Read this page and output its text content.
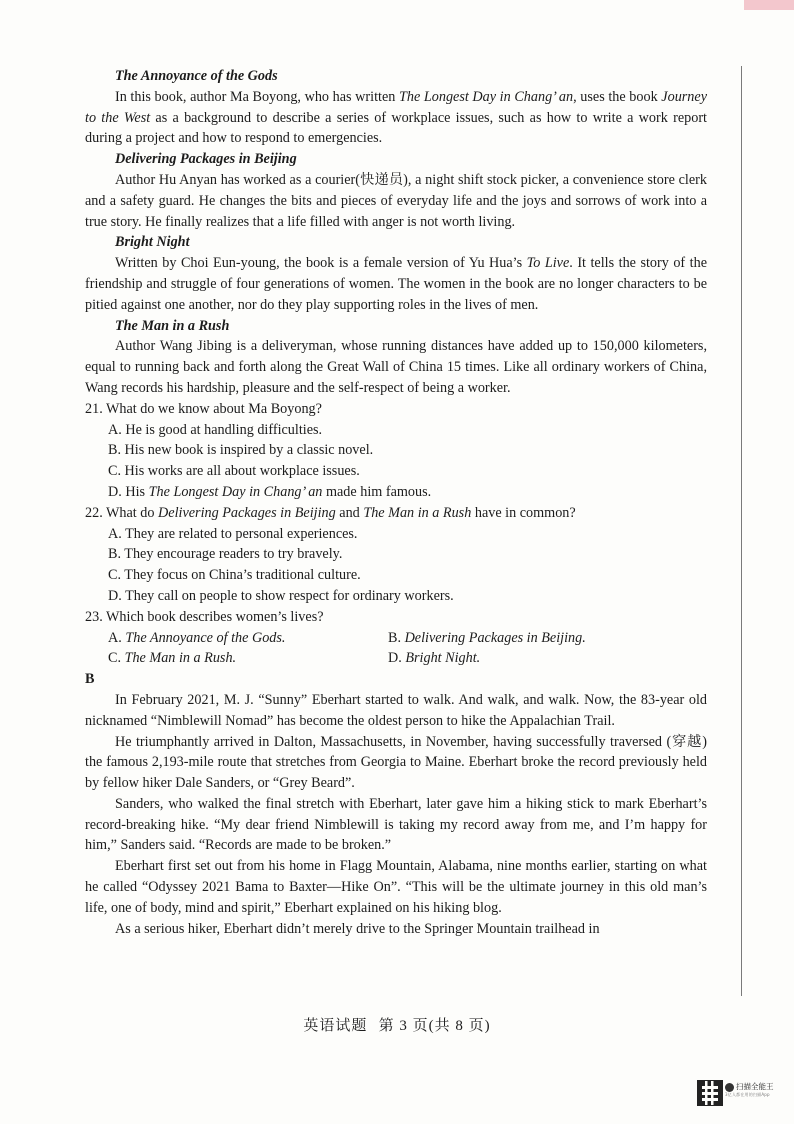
The Annoyance of the Gods

In this book, author Ma Boyong, who has written The Longest Day in Chang’ an, uses the book Journey to the West as a background to describe a series of workplace issues, such as how to write a work report during a project and how to respond to emergencies.

Delivering Packages in Beijing

Author Hu Anyan has worked as a courier(快递员), a night shift stock picker, a convenience store clerk and a safety guard. He changes the bits and pieces of everyday life and the joys and sorrows of work into a true story. He finally realizes that a life filled with anger is not worth living.

Bright Night

Written by Choi Eun-young, the book is a female version of Yu Hua’s To Live. It tells the story of the friendship and struggle of four generations of women. The women in the book are no longer characters to be pitied against one another, nor do they play supporting roles in the lives of men.

The Man in a Rush

Author Wang Jibing is a deliveryman, whose running distances have added up to 150,000 kilometers, equal to running back and forth along the Great Wall of China 15 times. Like all ordinary workers of China, Wang records his hardship, pleasure and the self-respect of being a worker.

21. What do we know about Ma Boyong?

A. He is good at handling difficulties.

B. His new book is inspired by a classic novel.

C. His works are all about workplace issues.

D. His The Longest Day in Chang’ an made him famous.

22. What do Delivering Packages in Beijing and The Man in a Rush have in common?

A. They are related to personal experiences.

B. They encourage readers to try bravely.

C. They focus on China’s traditional culture.

D. They call on people to show respect for ordinary workers.

23. Which book describes women’s lives?

A. The Annoyance of the Gods.	B. Delivering Packages in Beijing.
C. The Man in a Rush.	D. Bright Night.

B

In February 2021, M. J. “Sunny” Eberhart started to walk. And walk, and walk. Now, the 83-year old nicknamed “Nimblewill Nomad” has become the oldest person to hike the Appalachian Trail.

He triumphantly arrived in Dalton, Massachusetts, in November, having successfully traversed (穿越) the famous 2,193-mile route that stretches from Georgia to Maine. Eberhart broke the record previously held by fellow hiker Dale Sanders, or “Grey Beard”.

Sanders, who walked the final stretch with Eberhart, later gave him a hiking stick to mark Eberhart’s record-breaking hike. “My dear friend Nimblewill is taking my record away from me, and I’m happy for him,” Sanders said. “Records are made to be broken.”

Eberhart first set out from his home in Flagg Mountain, Alabama, nine months earlier, starting on what he called “Odyssey 2021 Bama to Baxter—Hike On”. “This will be the ultimate journey in this old man’s life, one of body, mind and spirit,” Eberhart explained on his hiking blog.

As a serious hiker, Eberhart didn’t merely drive to the Springer Mountain trailhead in

英语试题 第 3 页(共 8 页)
扫描全能王
3亿人都在用的扫描App
